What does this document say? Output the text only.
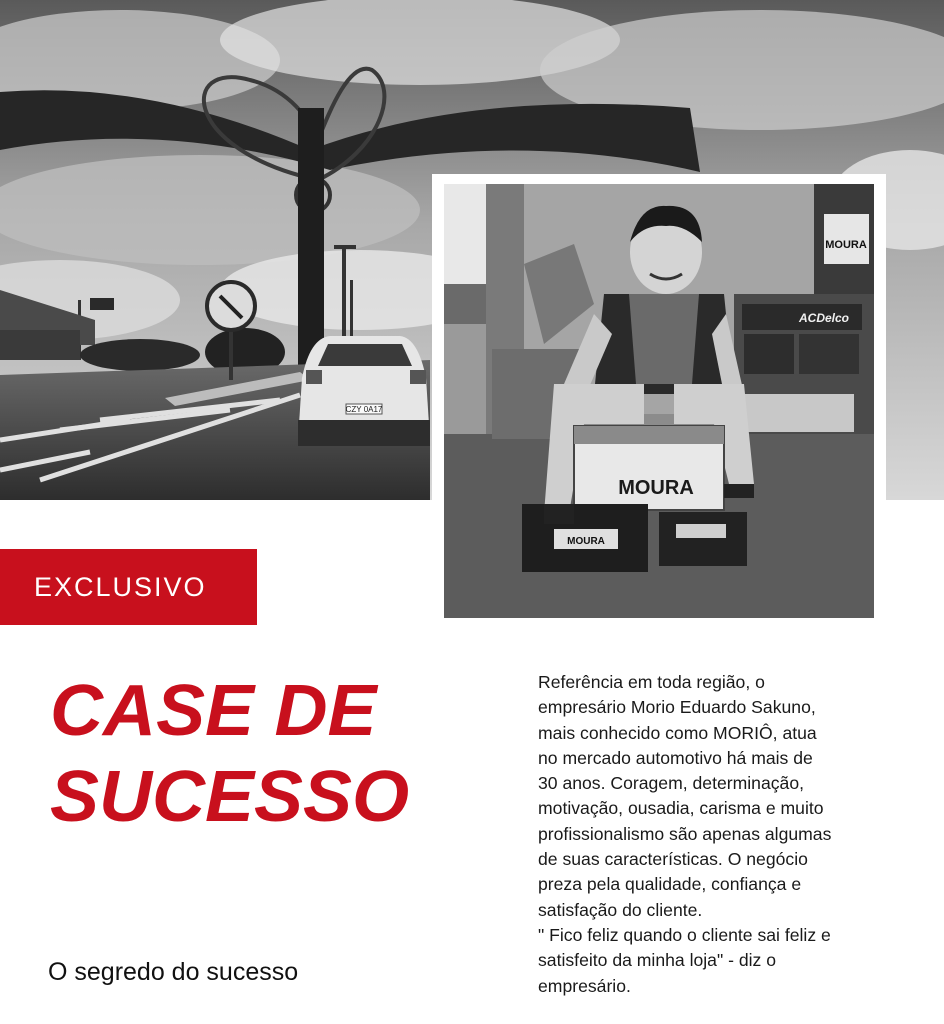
CZY 0A17
MOURA
ACDelco
MOURA
MOURA
EXCLUSIVO
CASE DE
SUCESSO
O segredo do sucesso
Referência em toda região, o
empresário Morio Eduardo Sakuno,
mais conhecido como MORIÔ, atua
no mercado automotivo há mais de
30 anos. Coragem, determinação,
motivação, ousadia, carisma e muito
profissionalismo são apenas algumas
de suas características. O negócio
preza pela qualidade, confiança e
satisfação do cliente.
" Fico feliz quando o cliente sai feliz e
satisfeito da minha loja" - diz o
empresário.
